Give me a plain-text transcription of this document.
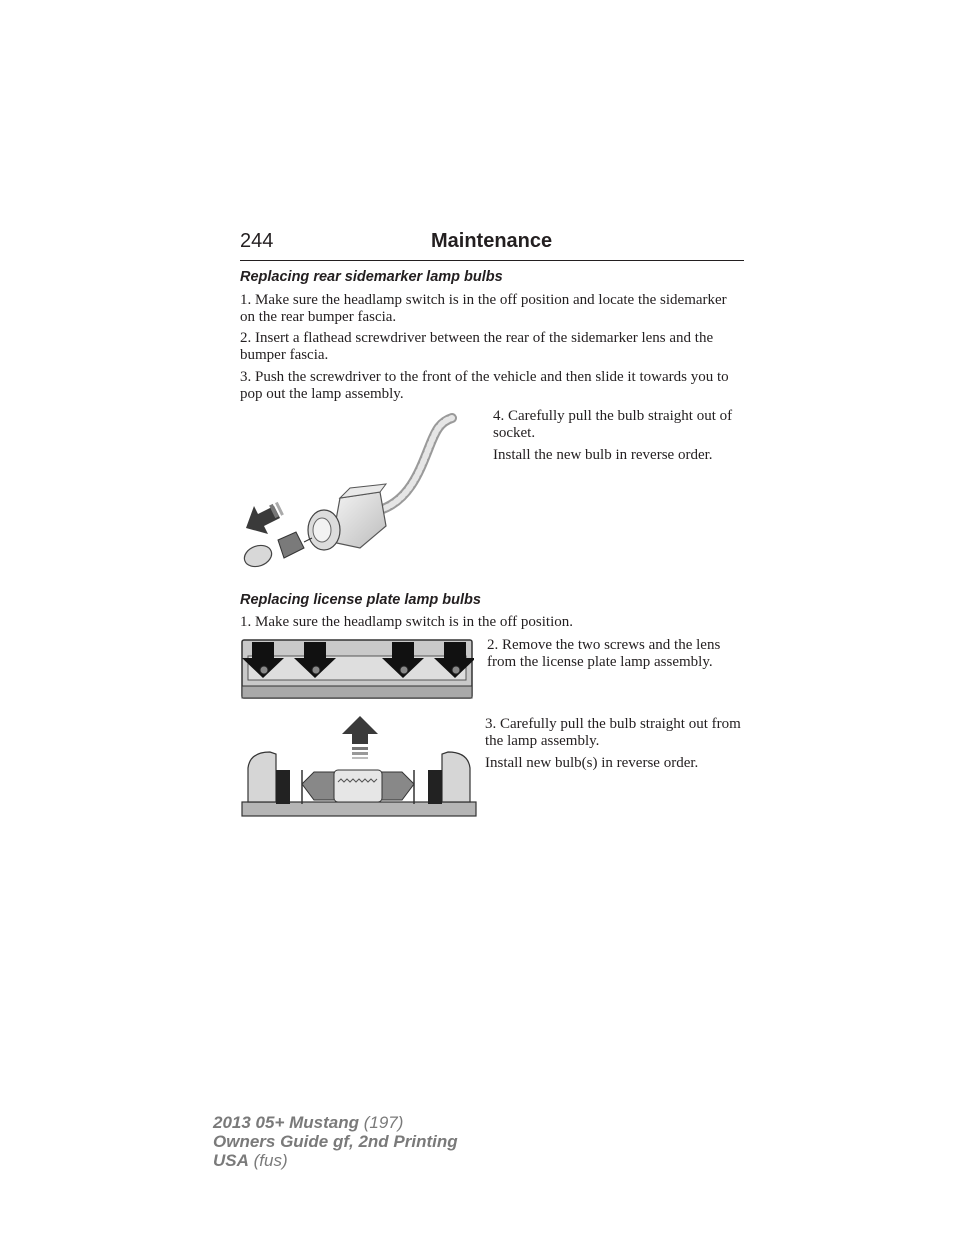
244	Maintenance
Replacing rear sidemarker lamp bulbs

1. Make sure the headlamp switch is in the off position and locate the sidemarker on the rear bumper fascia.

2. Insert a flathead screwdriver between the rear of the sidemarker lens and the bumper fascia.

3. Push the screwdriver to the front of the vehicle and then slide it towards you to pop out the lamp assembly.

4. Carefully pull the bulb straight out of socket.

Install the new bulb in reverse order.

Replacing license plate lamp bulbs

1. Make sure the headlamp switch is in the off position.

2. Remove the two screws and the lens from the license plate lamp assembly.

3. Carefully pull the bulb straight out from the lamp assembly.

Install new bulb(s) in reverse order.

2013 05+ Mustang (197)
Owners Guide gf, 2nd Printing
USA (fus)
